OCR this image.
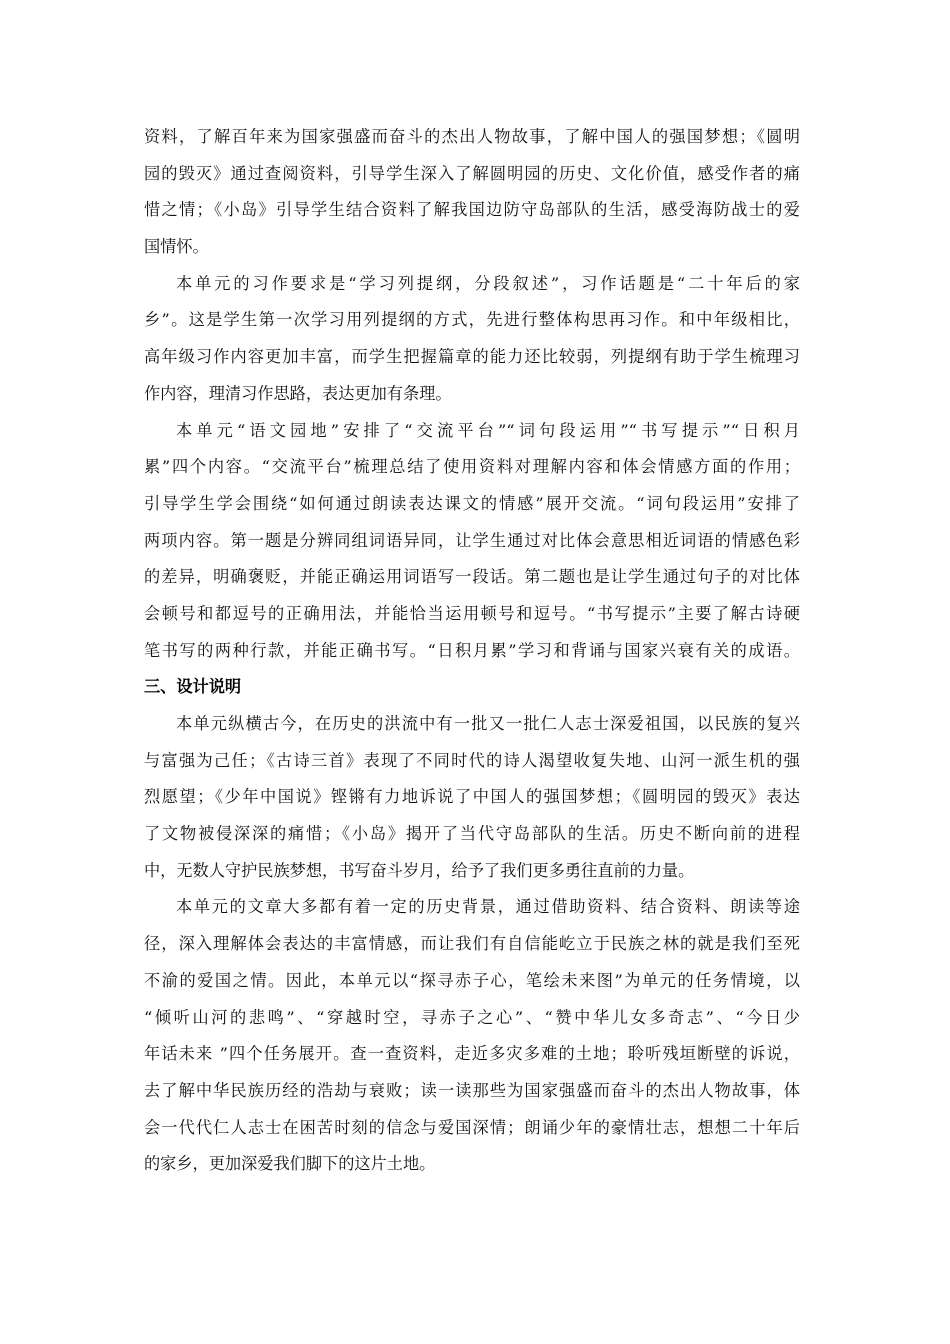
资料，了解百年来为国家强盛而奋斗的杰出人物故事，了解中国人的强国梦想；《圆明
园的毁灭》通过查阅资料，引导学生深入了解圆明园的历史、文化价值，感受作者的痛
惜之情；《小岛》引导学生结合资料了解我国边防守岛部队的生活，感受海防战士的爱
国情怀。
本单元的习作要求是“学习列提纲，分段叙述”，习作话题是“二十年后的家
乡”。这是学生第一次学习用列提纲的方式，先进行整体构思再习作。和中年级相比，
高年级习作内容更加丰富，而学生把握篇章的能力还比较弱，列提纲有助于学生梳理习
作内容，理清习作思路，表达更加有条理。
本单元“语文园地”安排了“交流平台”“词句段运用”“书写提示”“日积月
累”四个内容。“交流平台”梳理总结了使用资料对理解内容和体会情感方面的作用；
引导学生学会围绕“如何通过朗读表达课文的情感”展开交流。“词句段运用”安排了
两项内容。第一题是分辨同组词语异同，让学生通过对比体会意思相近词语的情感色彩
的差异，明确褒贬，并能正确运用词语写一段话。第二题也是让学生通过句子的对比体
会顿号和都逗号的正确用法，并能恰当运用顿号和逗号。“书写提示”主要了解古诗硬
笔书写的两种行款，并能正确书写。“日积月累”学习和背诵与国家兴衰有关的成语。
三、设计说明
本单元纵横古今，在历史的洪流中有一批又一批仁人志士深爱祖国，以民族的复兴
与富强为己任；《古诗三首》表现了不同时代的诗人渴望收复失地、山河一派生机的强
烈愿望；《少年中国说》铿锵有力地诉说了中国人的强国梦想；《圆明园的毁灭》表达
了文物被侵深深的痛惜；《小岛》揭开了当代守岛部队的生活。历史不断向前的进程
中，无数人守护民族梦想，书写奋斗岁月，给予了我们更多勇往直前的力量。
本单元的文章大多都有着一定的历史背景，通过借助资料、结合资料、朗读等途
径，深入理解体会表达的丰富情感，而让我们有自信能屹立于民族之林的就是我们至死
不渝的爱国之情。因此，本单元以“探寻赤子心，笔绘未来图”为单元的任务情境，以
“倾听山河的悲鸣”、“穿越时空，寻赤子之心”、“赞中华儿女多奇志”、“今日少
年话未来 ”四个任务展开。查一查资料，走近多灾多难的土地；聆听残垣断壁的诉说，
去了解中华民族历经的浩劫与衰败；读一读那些为国家强盛而奋斗的杰出人物故事，体
会一代代仁人志士在困苦时刻的信念与爱国深情；朗诵少年的豪情壮志，想想二十年后
的家乡，更加深爱我们脚下的这片土地。
